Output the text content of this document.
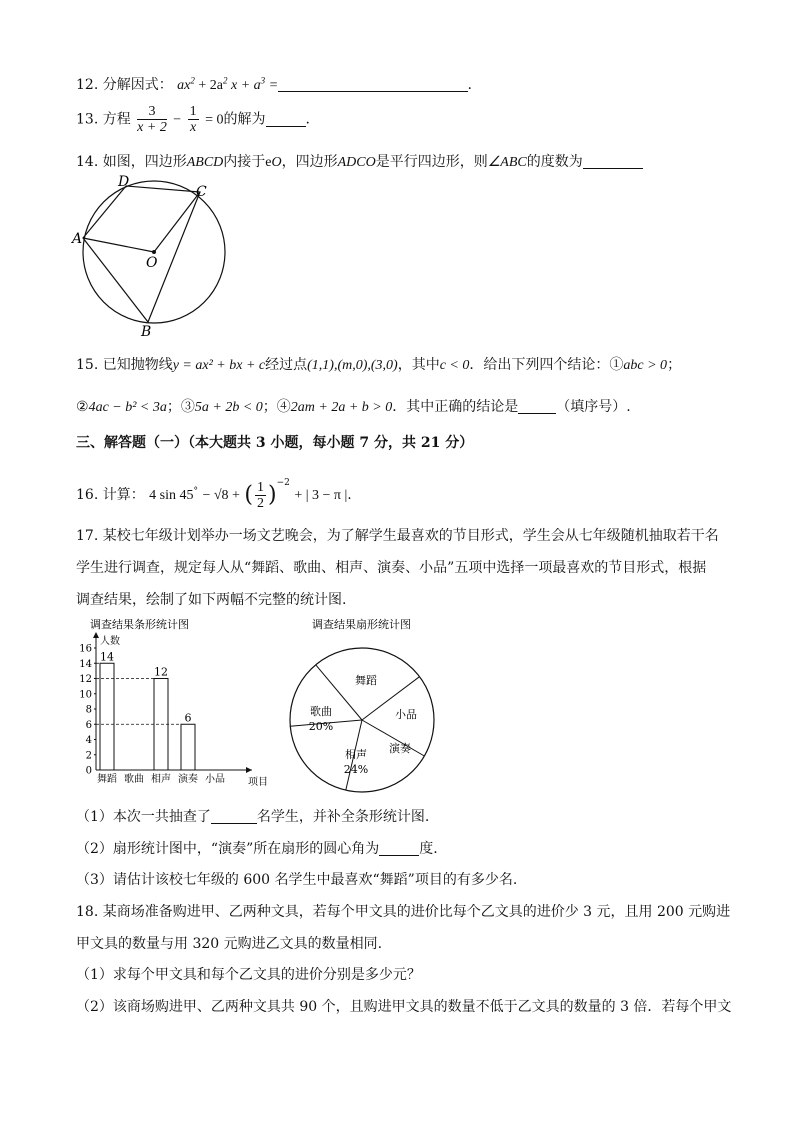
12. 分解因式： $ax^2 + 2a^2$ $x + a^3$ =	.
13. 方程 $\frac{3}{x + 2} - \frac{1}{x} = 0$的解为	.
14. 如图，四边形ABCD内接于eO，四边形ADCO是平行四边形，则∠ABC的度数为
A
D
C
B
O
15. 已知抛物线y = ax² + bx + c经过点(1,1),(m,0),(3,0)，其中c < 0．给出下列四个结论：①abc > 0；
②4ac − b² < 3a；③5a + 2b < 0；④2am + 2a + b > 0．其中正确的结论是	（填序号）.
三、解答题（一）（本大题共 3 小题，每小题 7 分，共 21 分）
16. 计算： 4 sin 45° − √8 + ( $\frac{1}{2} )^{-2}$ + | 3 − π |.
17. 某校七年级计划举办一场文艺晚会，为了解学生最喜欢的节目形式，学生会从七年级随机抽取若干名
学生进行调查，规定每人从“舞蹈、歌曲、相声、演奏、小品”五项中选择一项最喜欢的节目形式，根据
调查结果，绘制了如下两幅不完整的统计图.
调查结果条形统计图
人数
项目
0
2
4
6
8
10
12
14
16
舞蹈
14
歌曲 相声
12
演奏
6
小品
调查结果扇形统计图
舞蹈
小品
演奏
相声
24%
歌曲
20%
（1）本次一共抽查了	名学生，并补全条形统计图.
（2）扇形统计图中，“演奏”所在扇形的圆心角为	度.
（3）请估计该校七年级的 600 名学生中最喜欢“舞蹈”项目的有多少名.
18. 某商场准备购进甲、乙两种文具，若每个甲文具的进价比每个乙文具的进价少 3 元，且用 200 元购进
甲文具的数量与用 320 元购进乙文具的数量相同.
（1）求每个甲文具和每个乙文具的进价分别是多少元？
（2）该商场购进甲、乙两种文具共 90 个，且购进甲文具的数量不低于乙文具的数量的 3 倍．若每个甲文
